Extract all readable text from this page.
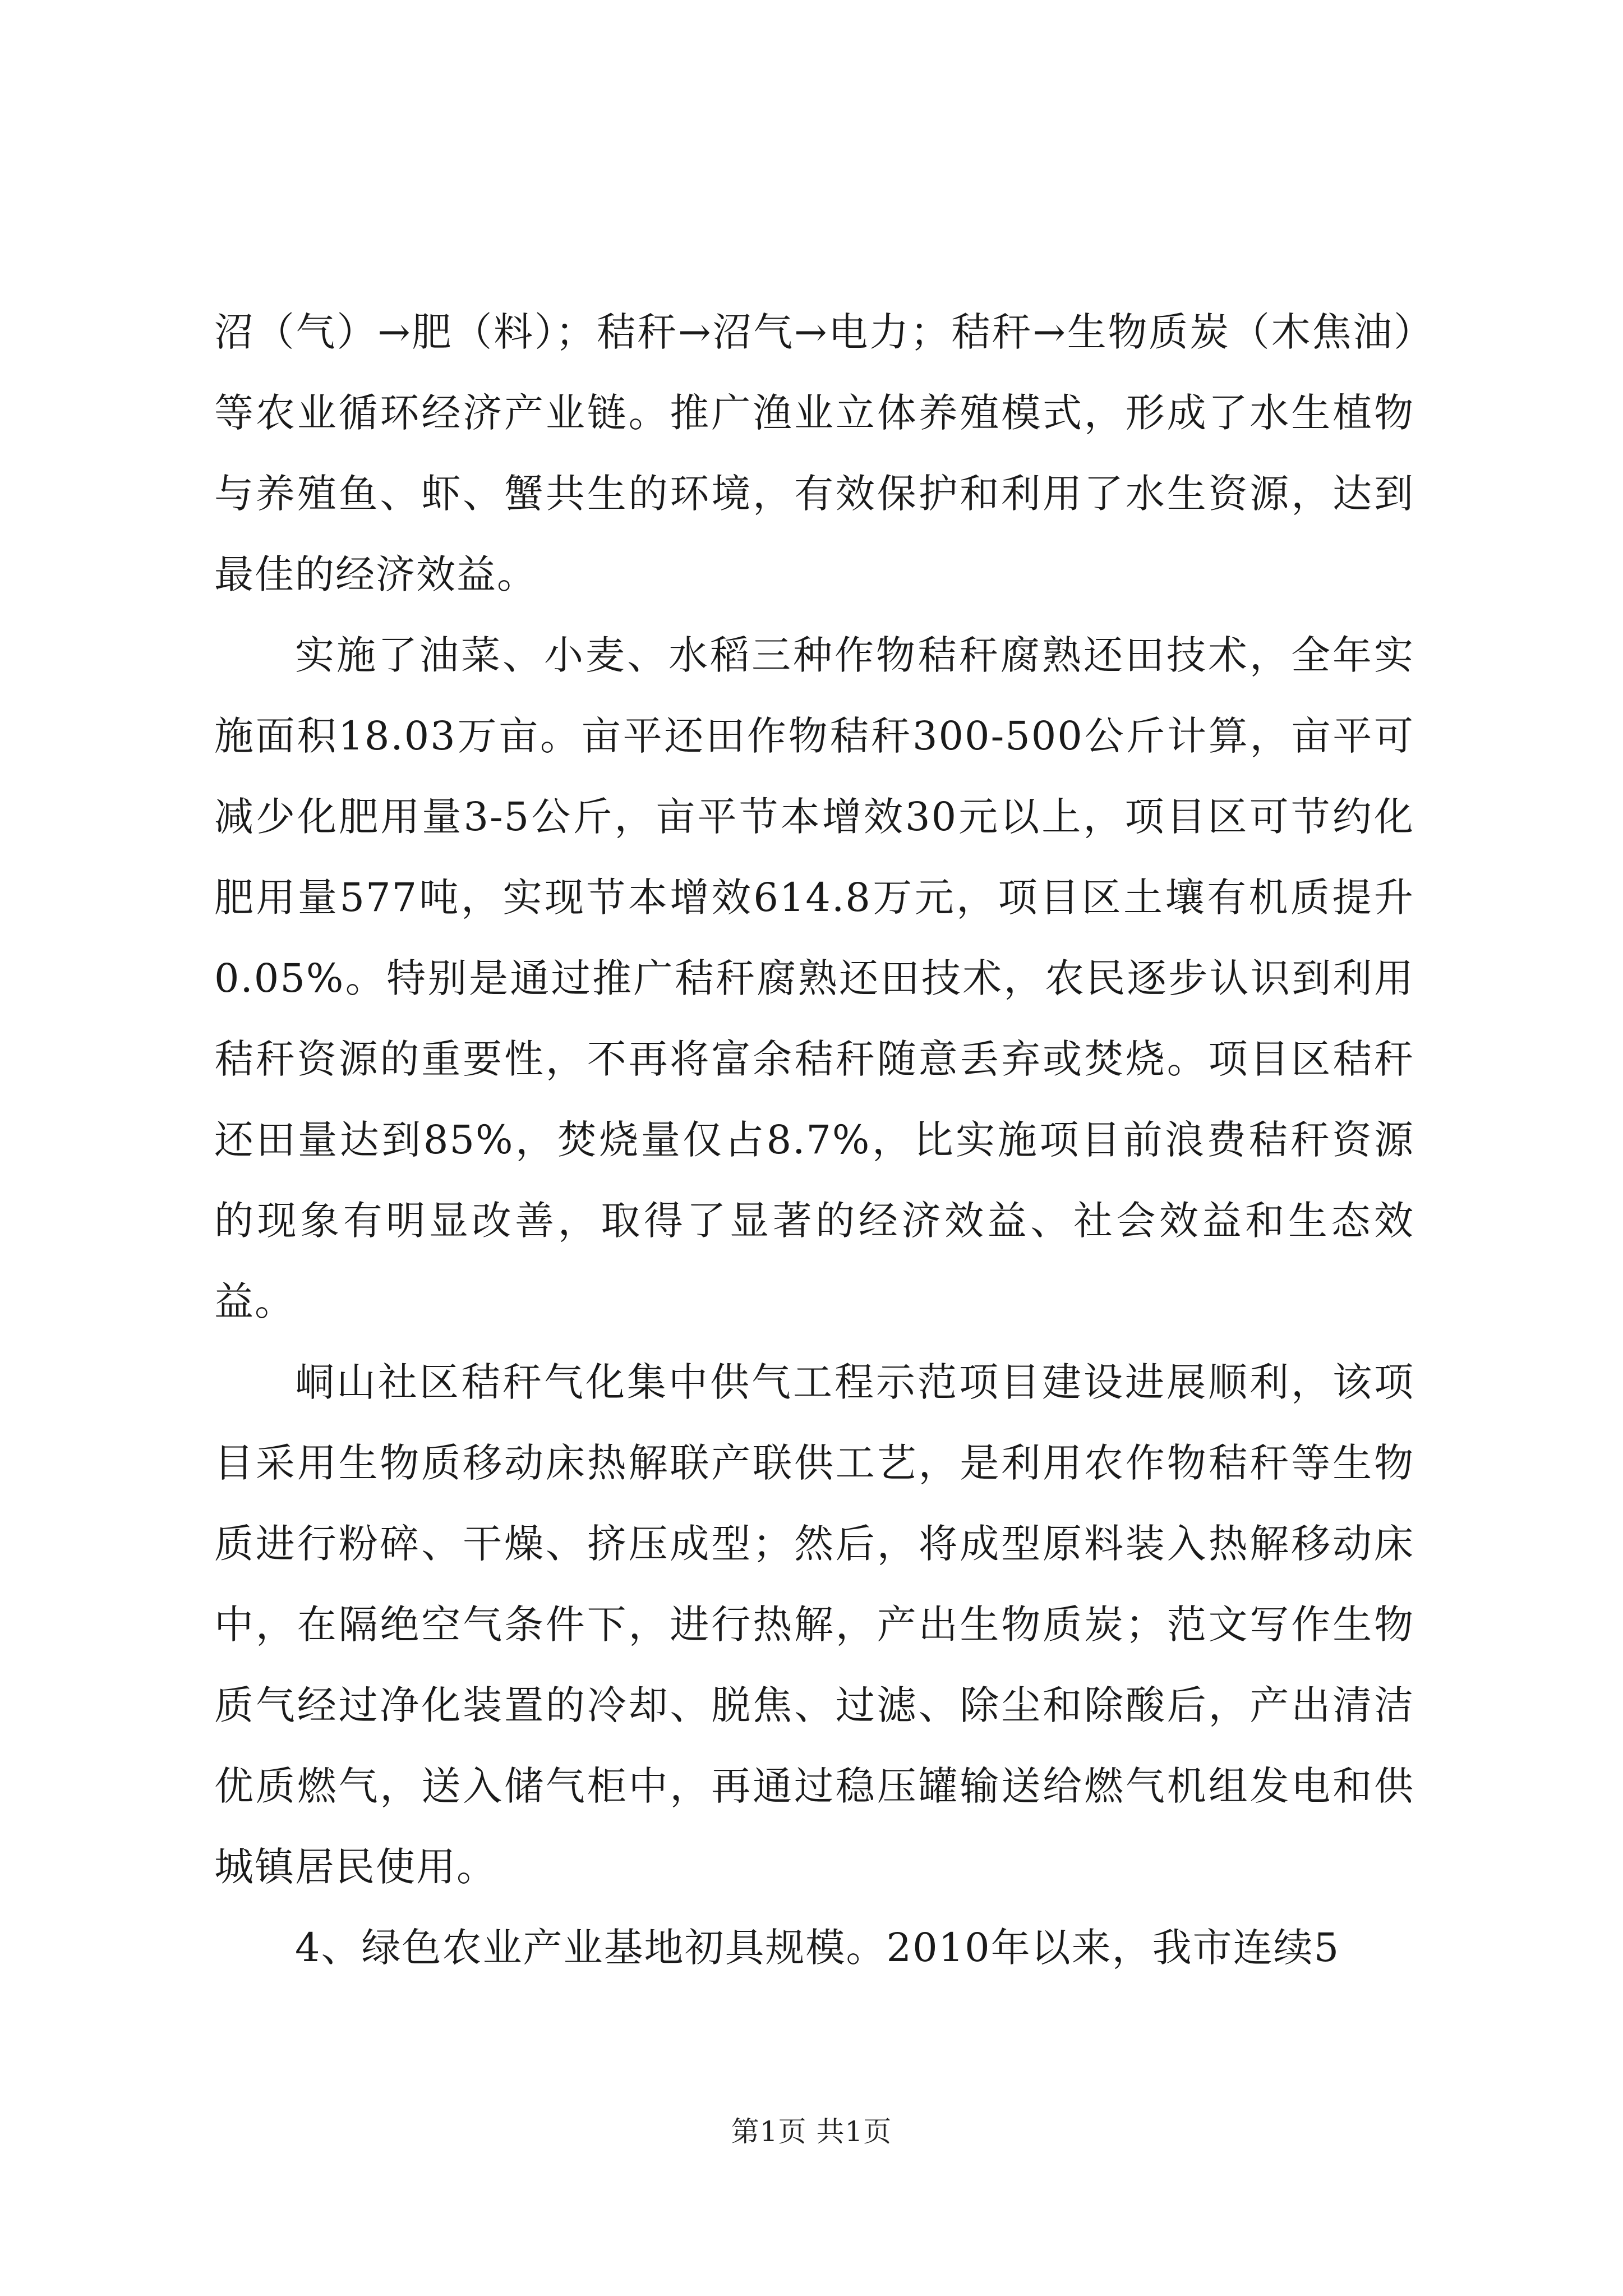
沼（气）→肥（料）；秸秆→沼气→电力；秸秆→生物质炭（木焦油）等农业循环经济产业链。推广渔业立体养殖模式，形成了水生植物与养殖鱼、虾、蟹共生的环境，有效保护和利用了水生资源，达到最佳的经济效益。

实施了油菜、小麦、水稻三种作物秸秆腐熟还田技术，全年实施面积18.03万亩。亩平还田作物秸秆300-500公斤计算，亩平可减少化肥用量3-5公斤，亩平节本增效30元以上，项目区可节约化肥用量577吨，实现节本增效614.8万元，项目区土壤有机质提升0.05%。特别是通过推广秸秆腐熟还田技术，农民逐步认识到利用秸秆资源的重要性，不再将富余秸秆随意丢弃或焚烧。项目区秸秆还田量达到85%，焚烧量仅占8.7%，比实施项目前浪费秸秆资源的现象有明显改善，取得了显著的经济效益、社会效益和生态效益。

峒山社区秸秆气化集中供气工程示范项目建设进展顺利，该项目采用生物质移动床热解联产联供工艺，是利用农作物秸秆等生物质进行粉碎、干燥、挤压成型；然后，将成型原料装入热解移动床中，在隔绝空气条件下，进行热解，产出生物质炭；范文写作生物质气经过净化装置的冷却、脱焦、过滤、除尘和除酸后，产出清洁优质燃气，送入储气柜中，再通过稳压罐输送给燃气机组发电和供城镇居民使用。

4、绿色农业产业基地初具规模。2010年以来，我市连续5

第1页 共1页
